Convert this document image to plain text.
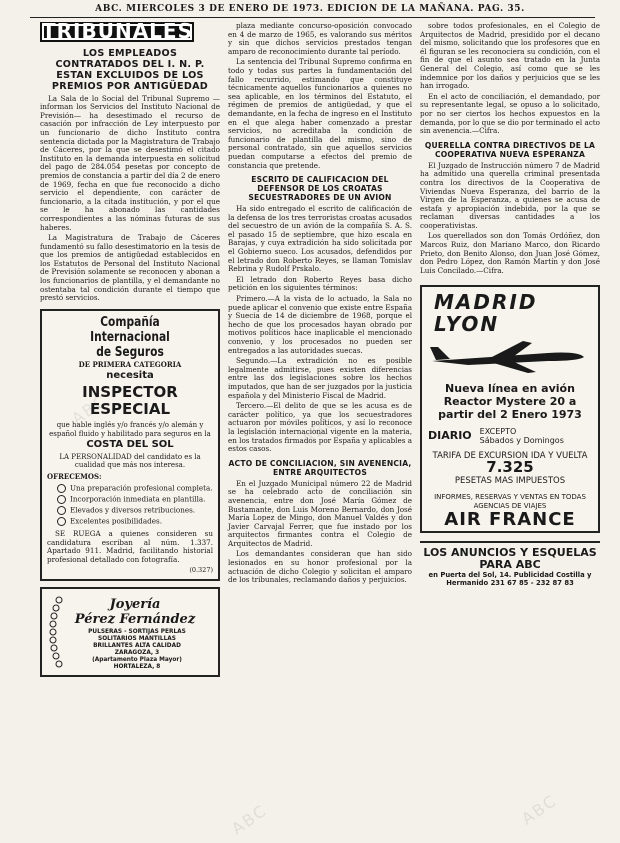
ABC. MIERCOLES 3 DE ENERO DE 1973. EDICION DE LA MAÑANA. PAG. 35.
TRIBUNALES
LOS EMPLEADOS CONTRATADOS DEL I. N. P. ESTAN EXCLUIDOS DE LOS PREMIOS POR ANTIGÜEDAD

La Sala de lo Social del Tribunal Supremo —informan los Servicios del Instituto Nacional de Previsión— ha desestimado el recurso de casación por infracción de Ley interpuesto por un funcionario de dicho Instituto contra sentencia dictada por la Magistratura de Trabajo de Cáceres, por la que se desestimó el citado Instituto en la demanda interpuesta en solicitud del pago de 284.054 pesetas por concepto de premios de constancia a partir del día 2 de enero de 1969, fecha en que fue reconocido a dicho servicio el dependiente, con carácter de funcionario, a la citada institución, y por el que se le ha abonado las cantidades correspondientes a las nóminas futuras de sus haberes.

La Magistratura de Trabajo de Cáceres fundamentó su fallo desestimatorio en la tesis de que los premios de antigüedad establecidos en los Estatutos de Personal del Instituto Nacional de Previsión solamente se reconocen y abonan a los funcionarios de plantilla, y el demandante no ostentaba tal condición durante el tiempo que prestó servicios.

Compañía Internacional
de Seguros
DE PRIMERA CATEGORIA
necesita
INSPECTOR ESPECIAL
que hable inglés y/o francés y/o alemán y español fluido y habilitado para seguros en la
COSTA DEL SOL
LA PERSONALIDAD del candidato es la cualidad que más nos interesa.
OFRECEMOS:
Una preparación profesional completa.
Incorporación inmediata en plantilla.
Elevados y diversos retribuciones.
Excelentes posibilidades.

SE RUEGA a quienes consideren su candidatura escriban al núm. 1.337. Apartado 911. Madrid, facilitando historial profesional detallado con fotografía.

(0.327)
Joyería
Pérez Fernández
PULSERAS - SORTIJAS PERLAS
SOLITARIOS MANTILLAS
BRILLANTES ALTA CALIDAD
ZARAGOZA, 3
(Apartamento Plaza Mayor)
HORTALEZA, 8

plaza mediante concurso-oposición convocado en 4 de marzo de 1965, es valorando sus méritos y sin que dichos servicios prestados tengan amparo de reconocimiento durante tal período.

La sentencia del Tribunal Supremo confirma en todo y todas sus partes la fundamentación del fallo recurrido, estimando que constituye técnicamente aquellos funcionarios a quienes no sea aplicable, en los términos del Estatuto, el régimen de premios de antigüedad, y que el demandante, en la fecha de ingreso en el Instituto en el que alega haber comenzado a prestar servicios, no acreditaba la condición de funcionario de plantilla del mismo, sino de personal contratado, sin que aquellos servicios puedan computarse a efectos del premio de constancia que pretende.

ESCRITO DE CALIFICACION DEL DEFENSOR DE LOS CROATAS SECUESTRADORES DE UN AVION

Ha sido entregado el escrito de calificación de la defensa de los tres terroristas croatas acusados del secuestro de un avión de la compañía S. A. S. el pasado 15 de septiembre, que hizo escala en Barajas, y cuya extradición ha sido solicitada por el Gobierno sueco. Los acusados, defendidos por el letrado don Roberto Reyes, se llaman Tomislav Rebrina y Rudolf Prskalo.

El letrado don Roberto Reyes basa dicho petición en los siguientes términos:

Primero.—A la vista de lo actuado, la Sala no puede aplicar el convenio que existe entre España y Suecia de 14 de diciembre de 1968, porque el hecho de que los procesados hayan obrado por motivos políticos hace inaplicable el mencionado convenio, y los procesados no pueden ser entregados a las autoridades suecas.

Segundo.—La extradición no es posible legalmente admitirse, pues existen diferencias entre las dos legislaciones sobre los hechos imputados, que han de ser juzgados por la justicia española y del Ministerio Fiscal de Madrid.

Tercero.—El delito de que se les acusa es de carácter político, ya que los secuestradores actuaron por móviles políticos, y así lo reconoce la legislación internacional vigente en la materia, en los tratados firmados por España y aplicables a estos casos.

ACTO DE CONCILIACION, SIN AVENENCIA, ENTRE ARQUITECTOS

En el Juzgado Municipal número 22 de Madrid se ha celebrado acto de conciliación sin avenencia, entre don José María Gómez de Bustamante, don Luis Moreno Bernardo, don José María Lopez de Mingo, don Manuel Valdés y don Javier Carvajal Ferrer, que fue instado por los arquitectos firmantes contra el Colegio de Arquitectos de Madrid.

Los demandantes consideran que han sido lesionados en su honor profesional por la actuación de dicho Colegio y solicitan el amparo de los tribunales, reclamando daños y perjuicios.

sobre todos profesionales, en el Colegio de Arquitectos de Madrid, presidido por el decano del mismo, solicitando que los profesores que en él figuran se les reconociera su condición, con el fin de que el asunto sea tratado en la Junta General del Colegio, así como que se les indemnice por los daños y perjuicios que se les han irrogado.

En el acto de conciliación, el demandado, por su representante legal, se opuso a lo solicitado, por no ser ciertos los hechos expuestos en la demanda, por lo que se dio por terminado el acto sin avenencia.—Cifra.

QUERELLA CONTRA DIRECTIVOS DE LA COOPERATIVA NUEVA ESPERANZA

El Juzgado de Instrucción número 7 de Madrid ha admitido una querella criminal presentada contra los directivos de la Cooperativa de Viviendas Nueva Esperanza, del barrio de la Virgen de la Esperanza, a quienes se acusa de estafa y apropiación indebida, por la que se reclaman diversas cantidades a los cooperativistas.

Los querellados son don Tomás Ordóñez, don Marcos Ruiz, don Mariano Marco, don Ricardo Prieto, don Benito Alonso, don Juan José Gómez, don Pedro López, don Ramón Martín y don José Luis Concilado.—Cifra.

MADRID
LYON
Nueva línea en avión Reactor Mystere 20 a partir del 2 Enero 1973
DIARIO EXCEPTO
Sábados y Domingos
TARIFA DE EXCURSION IDA Y VUELTA 7.325
PESETAS MAS IMPUESTOS
INFORMES, RESERVAS Y VENTAS EN TODAS AGENCIAS DE VIAJES
AIR FRANCE
LOS ANUNCIOS Y ESQUELAS PARA ABC
en Puerta del Sol, 14. Publicidad Costilla y Hermanido 231 67 85 - 232 87 83
ABC
ABC
ABC	ABC
